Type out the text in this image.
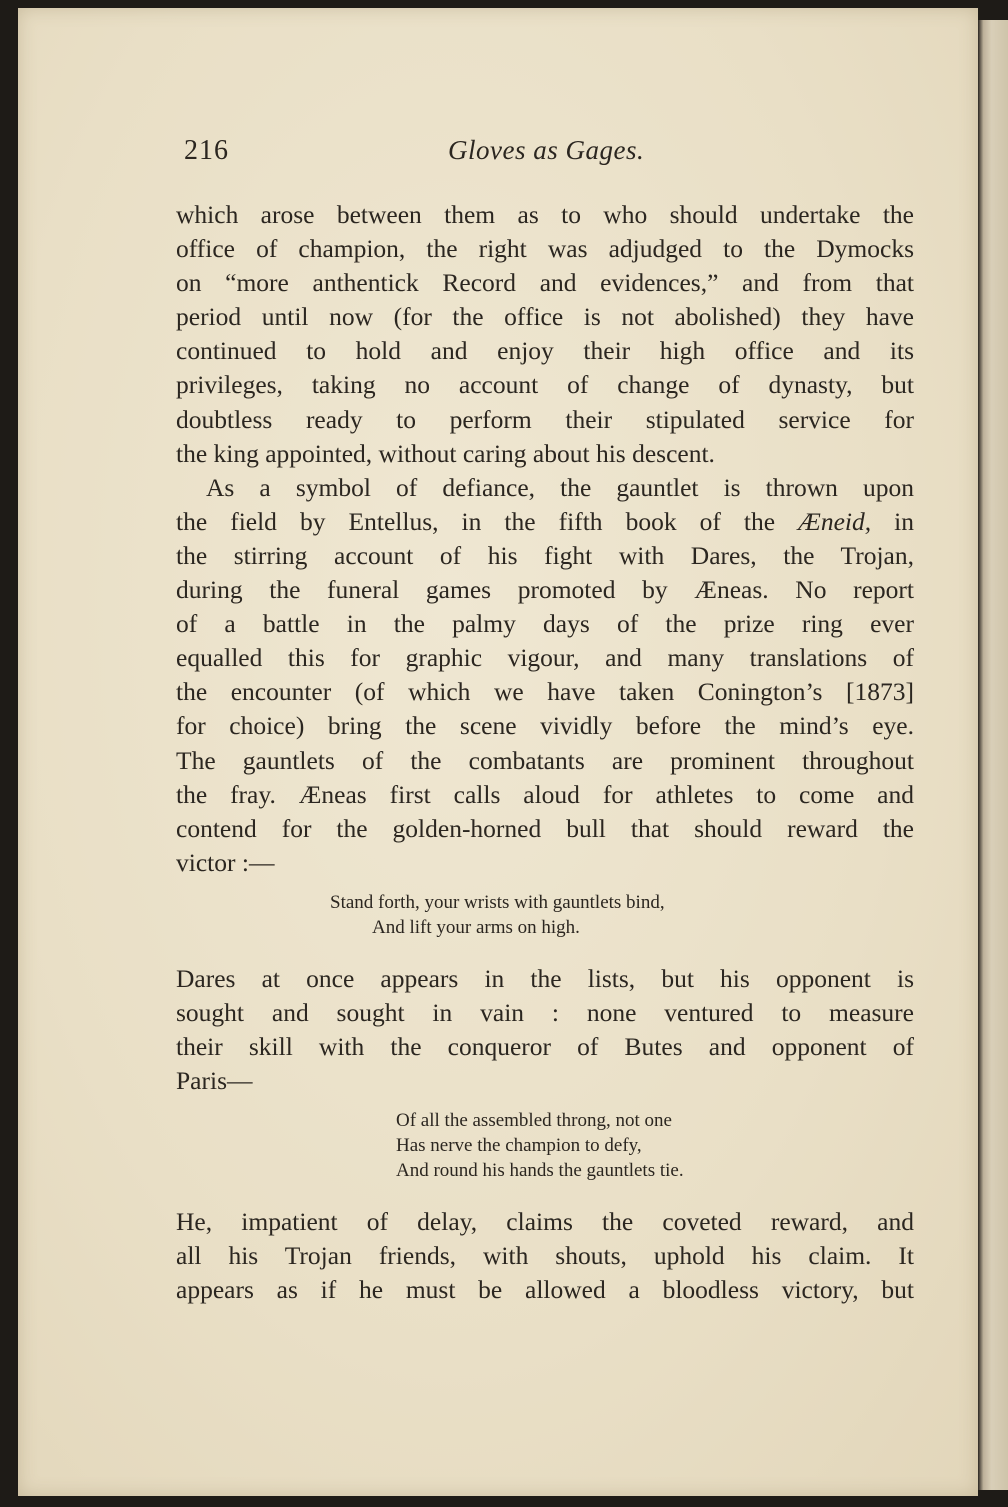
216	Gloves as Gages.

which arose between them as to who should undertake the
office of champion, the right was adjudged to the Dymocks
on “more anthentick Record and evidences,” and from that
period until now (for the office is not abolished) they have
continued to hold and enjoy their high office and its
privileges, taking no account of change of dynasty, but
doubtless ready to perform their stipulated service for
the king appointed, without caring about his descent.

As a symbol of defiance, the gauntlet is thrown upon
the field by Entellus, in the fifth book of the Æneid, in
the stirring account of his fight with Dares, the Trojan,
during the funeral games promoted by Æneas. No report
of a battle in the palmy days of the prize ring ever
equalled this for graphic vigour, and many translations of
the encounter (of which we have taken Conington’s [1873]
for choice) bring the scene vividly before the mind’s eye.
The gauntlets of the combatants are prominent throughout
the fray. Æneas first calls aloud for athletes to come and
contend for the golden-horned bull that should reward the
victor :—

Stand forth, your wrists with gauntlets bind,
And lift your arms on high.

Dares at once appears in the lists, but his opponent is
sought and sought in vain : none ventured to measure
their skill with the conqueror of Butes and opponent of
Paris—

Of all the assembled throng, not one
Has nerve the champion to defy,
And round his hands the gauntlets tie.

He, impatient of delay, claims the coveted reward, and
all his Trojan friends, with shouts, uphold his claim. It
appears as if he must be allowed a bloodless victory, but
